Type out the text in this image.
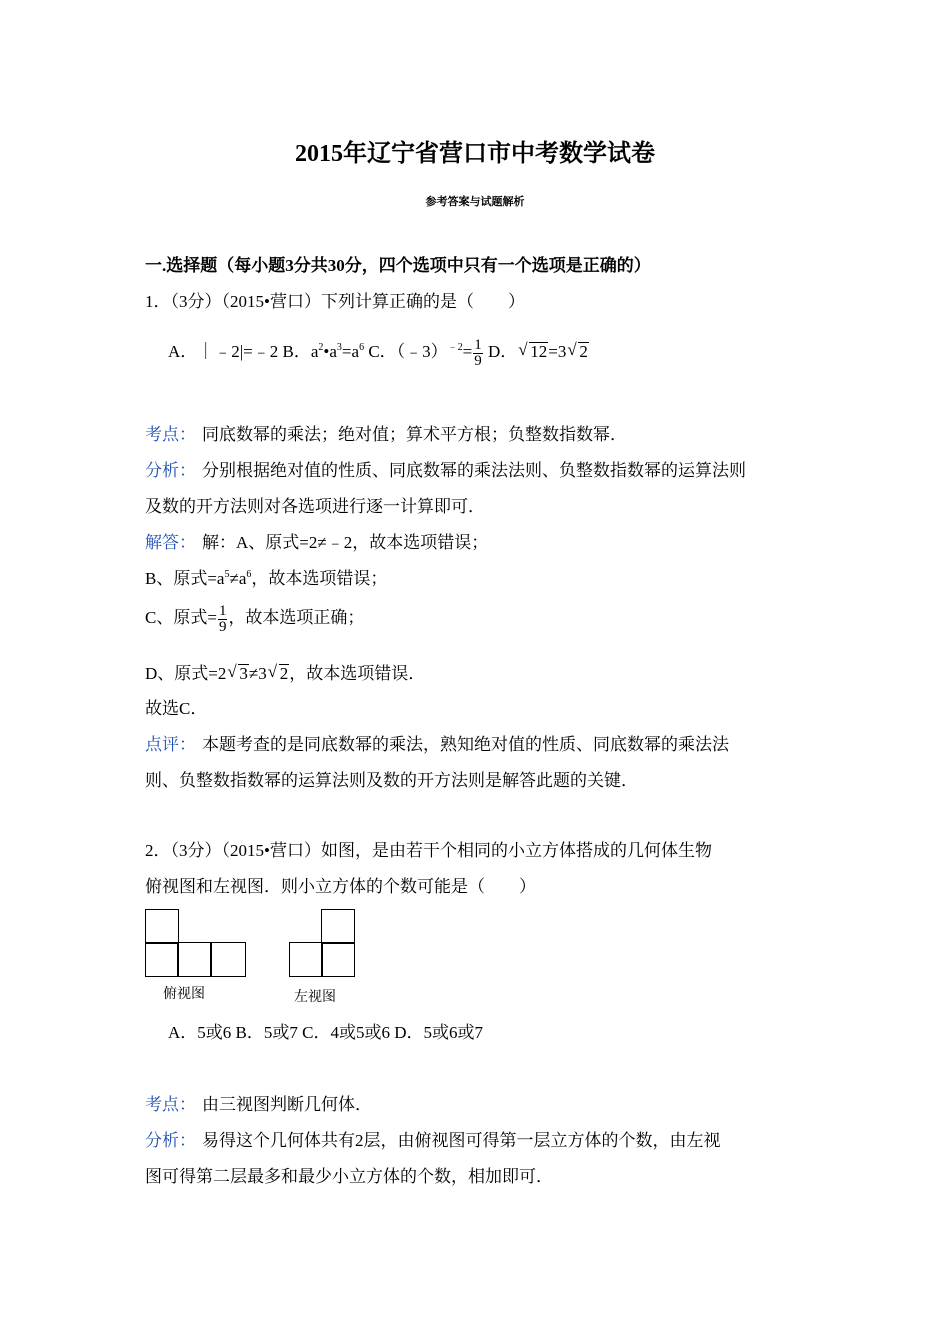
2015年辽宁省营口市中考数学试卷
参考答案与试题解析
一.选择题（每小题3分共30分，四个选项中只有一个选项是正确的）
1．（3分）（2015•营口）下列计算正确的是（　　）
A．｜﹣2|=﹣2 B．$a^2•a^3=a^6$ C．（﹣3）$^{﹣2}$= $\frac{1}{9}$ D． √ 12=3 √ 2
考点： 同底数幂的乘法；绝对值；算术平方根；负整数指数幂．
分析： 分别根据绝对值的性质、同底数幂的乘法法则、负整数指数幂的运算法则
及数的开方法则对各选项进行逐一计算即可．
解答： 解：A、原式=2≠﹣2，故本选项错误；
B、原式$=a^5\ne a^6$，故本选项错误；
C、原式= $\frac{1}{9}$ ，故本选项正确；
D、原式=2 √ 3≠3 √ 2，故本选项错误．
故选C．
点评： 本题考查的是同底数幂的乘法，熟知绝对值的性质、同底数幂的乘法法
则、负整数指数幂的运算法则及数的开方法则是解答此题的关键．
2．（3分）（2015•营口）如图，是由若干个相同的小立方体搭成的几何体生物
俯视图和左视图．则小立方体的个数可能是（　　）
俯视图	左视图
A．5或6 B．5或7 C．4或5或6 D．5或6或7
考点： 由三视图判断几何体．
分析： 易得这个几何体共有2层，由俯视图可得第一层立方体的个数，由左视
图可得第二层最多和最少小立方体的个数，相加即可．
